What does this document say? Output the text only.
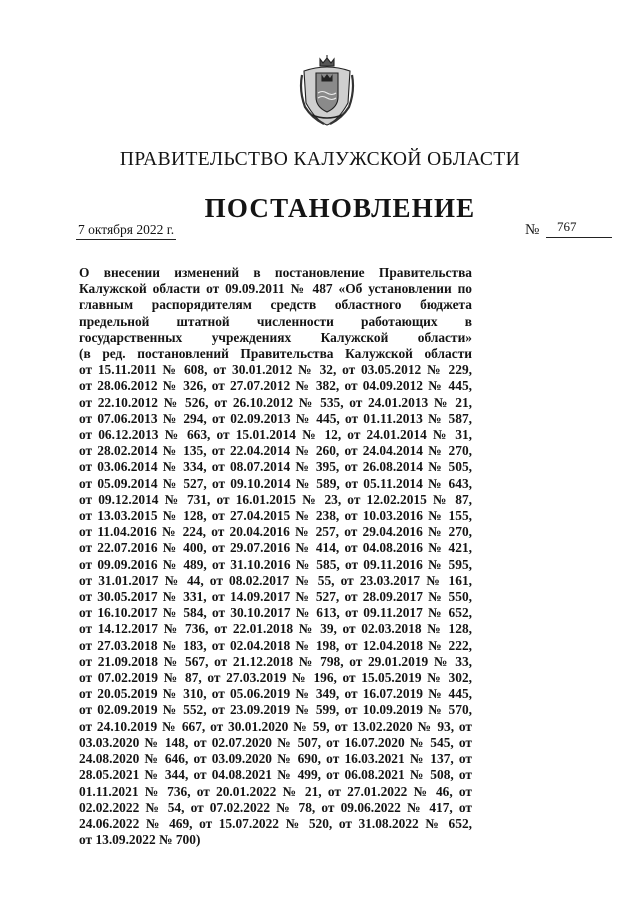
ПРАВИТЕЛЬСТВО КАЛУЖСКОЙ ОБЛАСТИ
ПОСТАНОВЛЕНИЕ
7 октября 2022 г.	№ 767
О внесении изменений в постановление Правительства
Калужской области от 09.09.2011 № 487 «Об установлении по
главным распорядителям средств областного бюджета
предельной штатной численности работающих в
государственных учреждениях Калужской области»
(в ред. постановлений Правительства Калужской области
от 15.11.2011 № 608, от 30.01.2012 № 32, от 03.05.2012 № 229,
от 28.06.2012 № 326, от 27.07.2012 № 382, от 04.09.2012 № 445,
от 22.10.2012 № 526, от 26.10.2012 № 535, от 24.01.2013 № 21,
от 07.06.2013 № 294, от 02.09.2013 № 445, от 01.11.2013 № 587,
от 06.12.2013 № 663, от 15.01.2014 № 12, от 24.01.2014 № 31,
от 28.02.2014 № 135, от 22.04.2014 № 260, от 24.04.2014 № 270,
от 03.06.2014 № 334, от 08.07.2014 № 395, от 26.08.2014 № 505,
от 05.09.2014 № 527, от 09.10.2014 № 589, от 05.11.2014 № 643,
от 09.12.2014 № 731, от 16.01.2015 № 23, от 12.02.2015 № 87,
от 13.03.2015 № 128, от 27.04.2015 № 238, от 10.03.2016 № 155,
от 11.04.2016 № 224, от 20.04.2016 № 257, от 29.04.2016 № 270,
от 22.07.2016 № 400, от 29.07.2016 № 414, от 04.08.2016 № 421,
от 09.09.2016 № 489, от 31.10.2016 № 585, от 09.11.2016 № 595,
от 31.01.2017 № 44, от 08.02.2017 № 55, от 23.03.2017 № 161,
от 30.05.2017 № 331, от 14.09.2017 № 527, от 28.09.2017 № 550,
от 16.10.2017 № 584, от 30.10.2017 № 613, от 09.11.2017 № 652,
от 14.12.2017 № 736, от 22.01.2018 № 39, от 02.03.2018 № 128,
от 27.03.2018 № 183, от 02.04.2018 № 198, от 12.04.2018 № 222,
от 21.09.2018 № 567, от 21.12.2018 № 798, от 29.01.2019 № 33,
от 07.02.2019 № 87, от 27.03.2019 № 196, от 15.05.2019 № 302,
от 20.05.2019 № 310, от 05.06.2019 № 349, от 16.07.2019 № 445,
от 02.09.2019 № 552, от 23.09.2019 № 599, от 10.09.2019 № 570,
от 24.10.2019 № 667, от 30.01.2020 № 59, от 13.02.2020 № 93, от
03.03.2020 № 148, от 02.07.2020 № 507, от 16.07.2020 № 545, от
24.08.2020 № 646, от 03.09.2020 № 690, от 16.03.2021 № 137, от
28.05.2021 № 344, от 04.08.2021 № 499, от 06.08.2021 № 508, от
01.11.2021 № 736, от 20.01.2022 № 21, от 27.01.2022 № 46, от
02.02.2022 № 54, от 07.02.2022 № 78, от 09.06.2022 № 417, от
24.06.2022 № 469, от 15.07.2022 № 520, от 31.08.2022 № 652,
от 13.09.2022 № 700)
